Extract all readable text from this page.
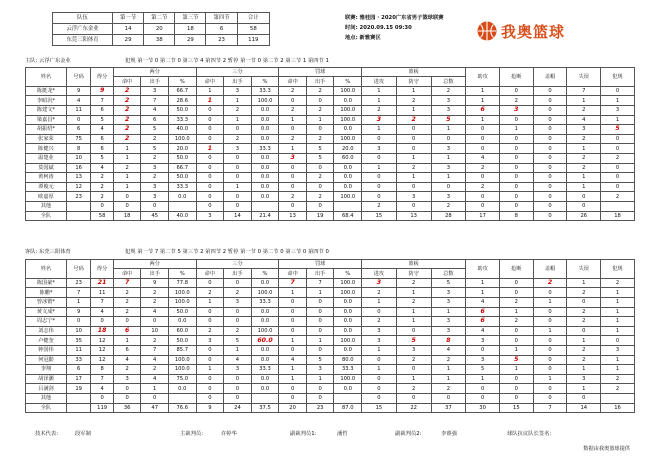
队伍	第一节	第二节	第三节	第四节	合计
云浮广东金业	14	20	18	6	58
东莞三阳体育	29	38	29	23	119
联赛: 雅桂园 · 2020广东省男子篮球联赛
时间: 2020.09.15 09:30
地点: 新雅赛区	我奥篮球
主队: 云浮广东金业	犯规 第一节 0 第二节 0 第三节 4 第四节 2 暂停 第一节 0 第二节 2 第三节 1 第四节 1
姓名	号码	得分	两分			三分			罚球			篮板			助攻	抢断	盖帽	失误	犯规
			命中	出手	%	命中	出手	%	命中	出手	%	进攻	防守	总数					
陈挺龙*	9	9	2	3	66.7	1	3	33.3	2	2	100.0	1	1	2	1	0	0	7	0
李昭汎*	4	7	2	7	28.6	1	1	100.0	0	0	0.0	1	2	3	1	2	0	1	1
陈建文*	11	6	2	4	50.0	0	2	0.0	2	2	100.0	2	1	3	6	3	0	2	3
梁嘉昌*	0	5	2	6	33.3	0	1	0.0	1	1	100.0	3	2	5	1	0	0	4	1
胡振绍*	6	4	2	5	40.0	0	0	0.0	0	0	0.0	1	0	1	0	1	0	3	5
张家荣	75	6	2	2	100.0	0	2	0.0	2	2	100.0	0	0	0	0	0	0	2	0
陈健兴	8	6	1	5	20.0	1	3	33.3	1	5	20.0	3	0	3	0	0	0	1	0
温楚业	10	5	1	2	50.0	0	0	0.0	3	5	60.0	0	1	1	4	0	0	2	2
莫国斌	16	4	2	3	66.7	0	0	0.0	0	0	0.0	1	2	3	2	0	0	2	0
黄柯涛	13	2	1	2	50.0	0	0	0.0	0	2	0.0	0	1	1	0	0	0	1	0
谭俊元	12	2	1	3	33.3	0	1	0.0	0	0	0.0	0	0	0	2	0	0	1	0
欧嘉厚	23	2	0	3	0.0	0	0	0.0	2	2	100.0	0	3	3	0	0	0	0	2
其他		0	0	0		0	0		0	0		2	0	2	0	0	0	0	
全队		58	18	45	40.0	3	14	21.4	13	19	68.4	15	13	28	17	8	0	26	18
客队: 东莞三阳体育	犯规 第一节 7 第二节 5 第三节 2 第四节 2 暂停 第一节 0 第二节 0 第三节 0 第四节 0
姓名	号码	得分	两分			三分			罚球			篮板			助攻	抢断	盖帽	失误	犯规
			命中	出手	%	命中	出手	%	命中	出手	%	进攻	防守	总数					
陈国豪*	23	21	7	9	77.8	0	0	0.0	7	7	100.0	3	2	5	1	0	2	1	2
陈鹏*	7	11	2	2	100.0	2	2	100.0	1	1	100.0	2	1	3	1	0	0	2	1
曾冰锴*	1	7	2	2	100.0	1	3	33.3	0	0	0.0	1	2	3	4	2	1	0	1
黄文成*	9	4	2	4	50.0	0	0	0.0	0	0	0.0	0	1	1	6	1	0	2	1
周志宁*	0	0	0	0	0.0	0	0	0.0	0	0	0.0	2	1	3	6	2	0	2	1
刘志伟	10	18	6	10	60.0	2	2	100.0	0	0	0.0	3	0	3	4	0	1	0	1
卢健奎	35	12	1	2	50.0	3	5	60.0	1	1	100.0	3	5	8	3	0	0	1	0
钟国伟	11	12	6	7	85.7	0	1	0.0	0	0	0.0	1	3	4	0	1	0	2	3
何冠勤	33	12	4	4	100.0	0	4	0.0	4	5	80.0	0	2	2	3	5	0	2	1
李翔	6	8	2	2	100.0	1	3	33.3	1	3	33.3	1	0	1	5	1	0	1	1
胡泽灏	17	7	3	4	75.0	0	0	0.0	1	1	100.0	0	1	1	1	0	1	3	2
吕满剑	19	4	0	1	0.0	0	0	0.0	0	0	0.0	0	2	2	0	0	0	1	2
其他		0	0	0		0	0		0	0		0	0	0	0	0	0	0	
全队		119	36	47	76.6	9	24	37.5	20	23	87.0	15	22	37	30	15	7	14	16
技术代表:	段军制	主裁判员:	许婷华	副裁判员1:	潘哲	副裁判员2:	李睿强	球队抗议队长签名:
数据由我奥篮球提供
